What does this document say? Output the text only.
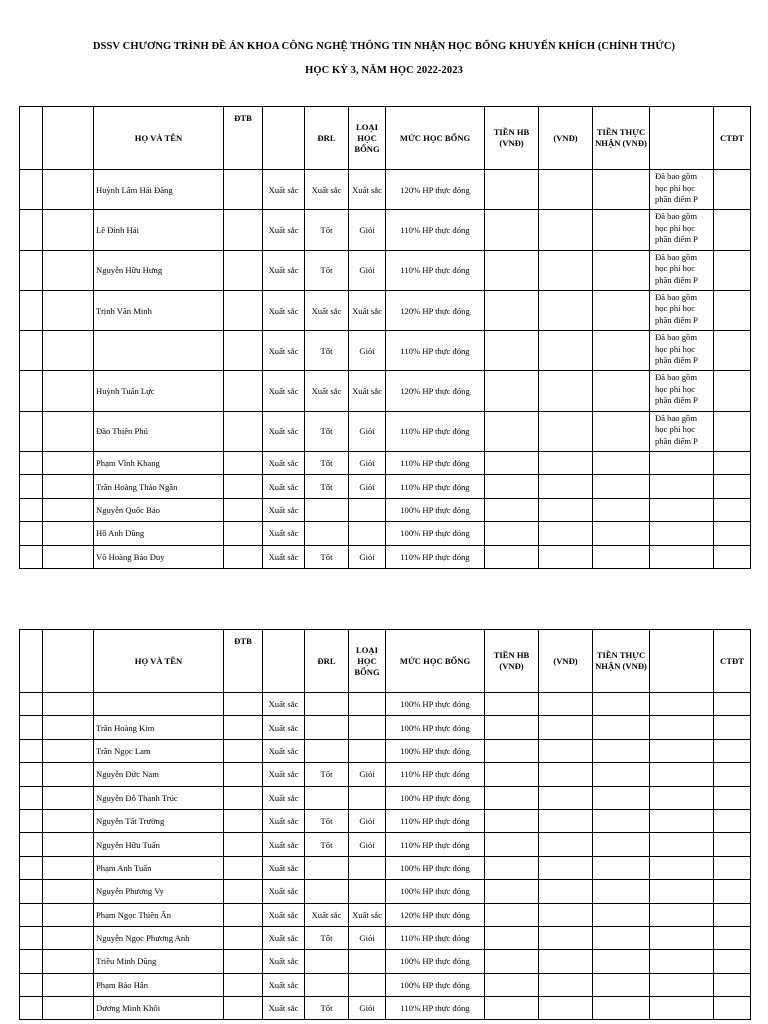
DSSV CHƯƠNG TRÌNH ĐỀ ÁN KHOA CÔNG NGHỆ THÔNG TIN NHẬN HỌC BỔNG KHUYẾN KHÍCH (CHÍNH THỨC)
HỌC KỲ 3, NĂM HỌC 2022-2023
		HỌ VÀ TÊN	ĐTB		ĐRL	LOẠI HỌC BỔNG	MỨC HỌC BỔNG	TIỀN HB (VNĐ)	(VNĐ)	TIỀN THỰC NHẬN (VNĐ)		CTĐT
		Huỳnh Lâm Hải Đăng		Xuất sắc	Xuất sắc	Xuất sắc	120% HP thực đóng				Đã bao gồm học phí học phần điểm P	
		Lê Đình Hải		Xuất sắc	Tốt	Giỏi	110% HP thực đóng				Đã bao gồm học phí học phần điểm P	
		Nguyễn Hữu Hưng		Xuất sắc	Tốt	Giỏi	110% HP thực đóng				Đã bao gồm học phí học phần điểm P	
		Trịnh Văn Minh		Xuất sắc	Xuất sắc	Xuất sắc	120% HP thực đóng				Đã bao gồm học phí học phần điểm P	
				Xuất sắc	Tốt	Giỏi	110% HP thực đóng				Đã bao gồm học phí học phần điểm P	
		Huỳnh Tuấn Lực		Xuất sắc	Xuất sắc	Xuất sắc	120% HP thực đóng				Đã bao gồm học phí học phần điểm P	
		Đào Thiên Phú		Xuất sắc	Tốt	Giỏi	110% HP thực đóng				Đã bao gồm học phí học phần điểm P	
		Phạm Vĩnh Khang		Xuất sắc	Tốt	Giỏi	110% HP thực đóng					
		Trần Hoàng Thảo Ngân		Xuất sắc	Tốt	Giỏi	110% HP thực đóng					
		Nguyễn Quốc Bảo		Xuất sắc			100% HP thực đóng					
		Hồ Anh Dũng		Xuất sắc			100% HP thực đóng					
		Võ Hoàng Bảo Duy		Xuất sắc	Tốt	Giỏi	110% HP thực đóng					
		HỌ VÀ TÊN	ĐTB		ĐRL	LOẠI HỌC BỔNG	MỨC HỌC BỔNG	TIỀN HB (VNĐ)	(VNĐ)	TIỀN THỰC NHẬN (VNĐ)		CTĐT
				Xuất sắc			100% HP thực đóng					
		Trần Hoàng Kim		Xuất sắc			100% HP thực đóng					
		Trần Ngọc Lam		Xuất sắc			100% HP thực đóng					
		Nguyễn Đức Nam		Xuất sắc	Tốt	Giỏi	110% HP thực đóng					
		Nguyễn Đỗ Thanh Trúc		Xuất sắc			100% HP thực đóng					
		Nguyễn Tất Trường		Xuất sắc	Tốt	Giỏi	110% HP thực đóng					
		Nguyễn Hữu Tuấn		Xuất sắc	Tốt	Giỏi	110% HP thực đóng					
		Phạm Anh Tuấn		Xuất sắc			100% HP thực đóng					
		Nguyễn Phương Vy		Xuất sắc			100% HP thực đóng					
		Phạm Ngọc Thiên Ân		Xuất sắc	Xuất sắc	Xuất sắc	120% HP thực đóng					
		Nguyễn Ngọc Phương Anh		Xuất sắc	Tốt	Giỏi	110% HP thực đóng					
		Triều Minh Dũng		Xuất sắc			100% HP thực đóng					
		Phạm Bảo Hân		Xuất sắc			100% HP thực đóng					
		Dương Minh Khôi		Xuất sắc	Tốt	Giỏi	110% HP thực đóng					
